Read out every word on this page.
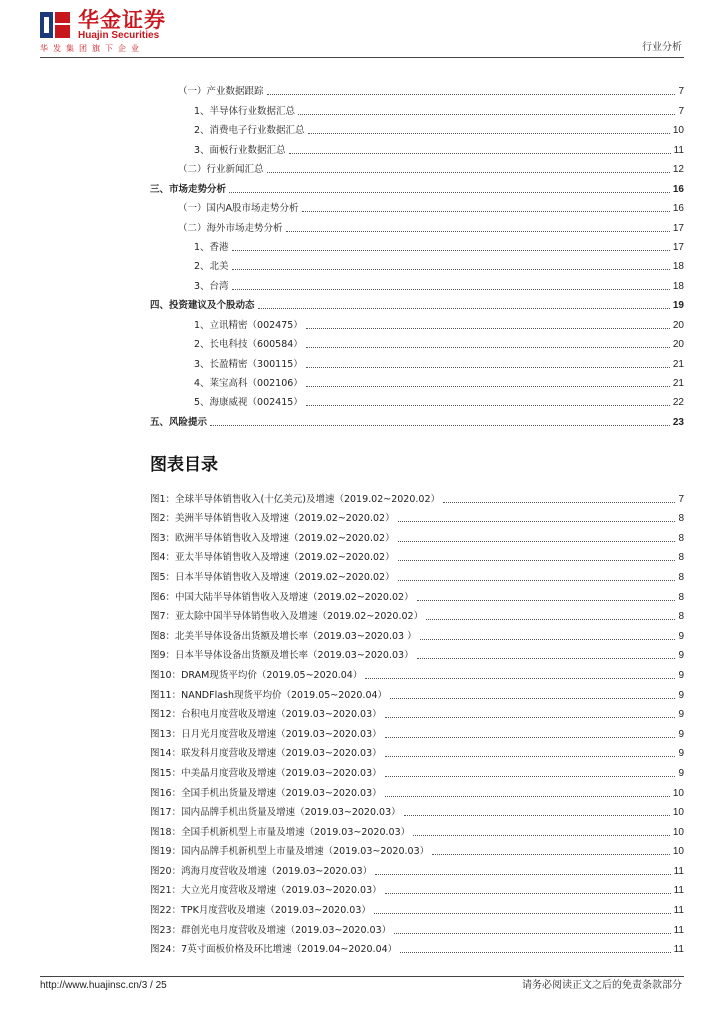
华金证券
Huajin Securities
华发集团旗下企业	行业分析
（一）产业数据跟踪	7
1、半导体行业数据汇总	7
2、消费电子行业数据汇总	10
3、面板行业数据汇总	11
（二）行业新闻汇总	12
三、市场走势分析	16
（一）国内A股市场走势分析	16
（二）海外市场走势分析	17
1、香港	17
2、北美	18
3、台湾	18
四、投资建议及个股动态	19
1、立讯精密（002475）	20
2、长电科技（600584）	20
3、长盈精密（300115）	21
4、莱宝高科（002106）	21
5、海康威视（002415）	22
五、风险提示	23
图表目录
图1：全球半导体销售收入(十亿美元)及增速（2019.02~2020.02）	7
图2：美洲半导体销售收入及增速（2019.02~2020.02）	8
图3：欧洲半导体销售收入及增速（2019.02~2020.02）	8
图4：亚太半导体销售收入及增速（2019.02~2020.02）	8
图5：日本半导体销售收入及增速（2019.02~2020.02）	8
图6：中国大陆半导体销售收入及增速（2019.02~2020.02）	8
图7：亚太除中国半导体销售收入及增速（2019.02~2020.02）	8
图8：北美半导体设备出货额及增长率（2019.03~2020.03 ）	9
图9：日本半导体设备出货额及增长率（2019.03~2020.03）	9
图10：DRAM现货平均价（2019.05~2020.04）	9
图11：NANDFlash现货平均价（2019.05~2020.04）	9
图12：台积电月度营收及增速（2019.03~2020.03）	9
图13：日月光月度营收及增速（2019.03~2020.03）	9
图14：联发科月度营收及增速（2019.03~2020.03）	9
图15：中美晶月度营收及增速（2019.03~2020.03）	9
图16：全国手机出货量及增速（2019.03~2020.03）	10
图17：国内品牌手机出货量及增速（2019.03~2020.03）	10
图18：全国手机新机型上市量及增速（2019.03~2020.03）	10
图19：国内品牌手机新机型上市量及增速（2019.03~2020.03）	10
图20：鸿海月度营收及增速（2019.03~2020.03）	11
图21：大立光月度营收及增速（2019.03~2020.03）	11
图22：TPK月度营收及增速（2019.03~2020.03）	11
图23：群创光电月度营收及增速（2019.03~2020.03）	11
图24：7英寸面板价格及环比增速（2019.04~2020.04）	11
http://www.huajinsc.cn/3 / 25	请务必阅读正文之后的免责条款部分
